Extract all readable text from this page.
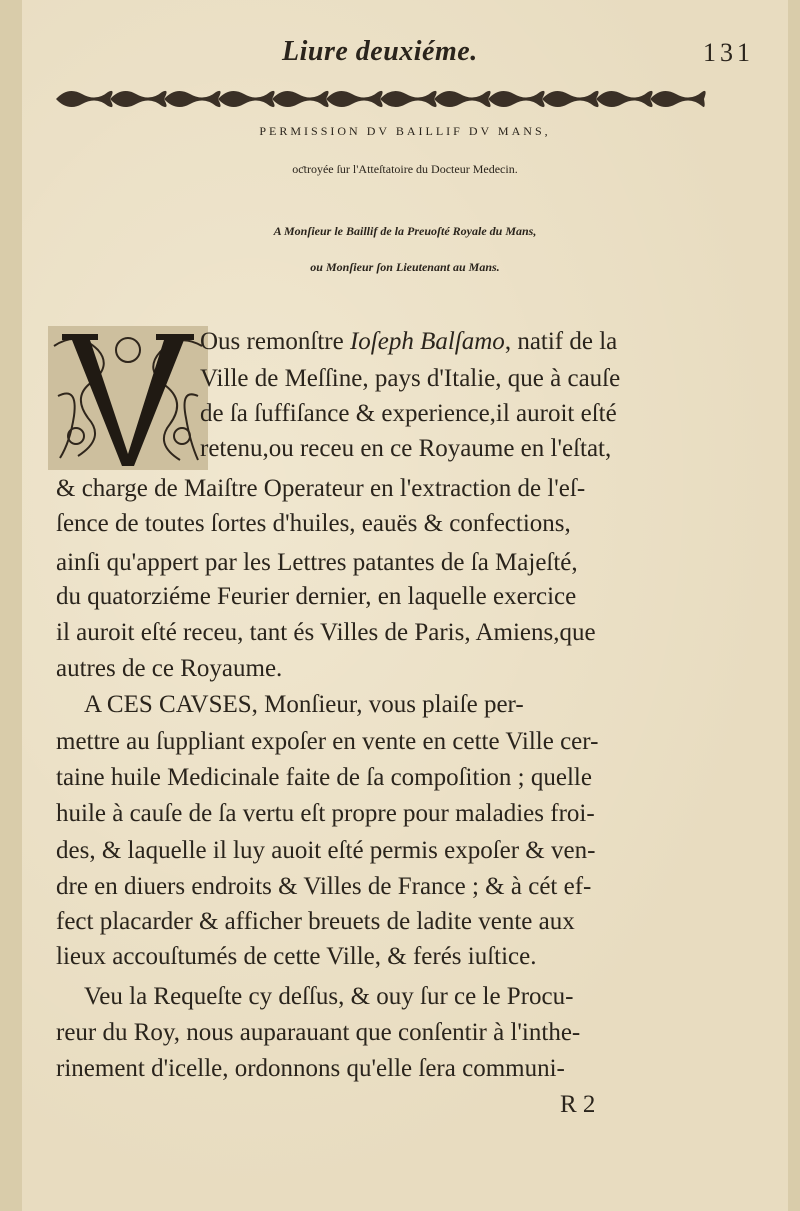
Liure deuxiéme.	131
PERMISSION DV BAILLIF DV MANS,
oƈtroyée ſur l'Atteſtatoire du Docteur Medecin.
A Monſieur le Baillif de la Preuoſté Royale du Mans,
ou Monſieur ſon Lieutenant au Mans.
Ous remonſtre Ioſeph Balſamo, natif de la
Ville de Meſſine, pays d'Italie, que à cauſe
de ſa ſuffiſance & experience,il auroit eſté
retenu,ou receu en ce Royaume en l'eſtat,
& charge de Maiſtre Operateur en l'extraction de l'eſ-
ſence de toutes ſortes d'huiles, eauës & confections,
ainſi qu'appert par les Lettres patantes de ſa Majeſté,
du quatorziéme Feurier dernier, en laquelle exercice
il auroit eſté receu, tant és Villes de Paris, Amiens,que
autres de ce Royaume.
A CES CAVSES, Monſieur, vous plaiſe per-
mettre au ſuppliant expoſer en vente en cette Ville cer-
taine huile Medicinale faite de ſa compoſition ; quelle
huile à cauſe de ſa vertu eſt propre pour maladies froi-
des, & laquelle il luy auoit eſté permis expoſer & ven-
dre en diuers endroits & Villes de France ; & à cét ef-
fect placarder & afficher breuets de ladite vente aux
lieux accouſtumés de cette Ville, & ferés iuſtice.
Veu la Requeſte cy deſſus, & ouy ſur ce le Procu-
reur du Roy, nous auparauant que conſentir à l'inthe-
rinement d'icelle, ordonnons qu'elle ſera communi-
R 2
